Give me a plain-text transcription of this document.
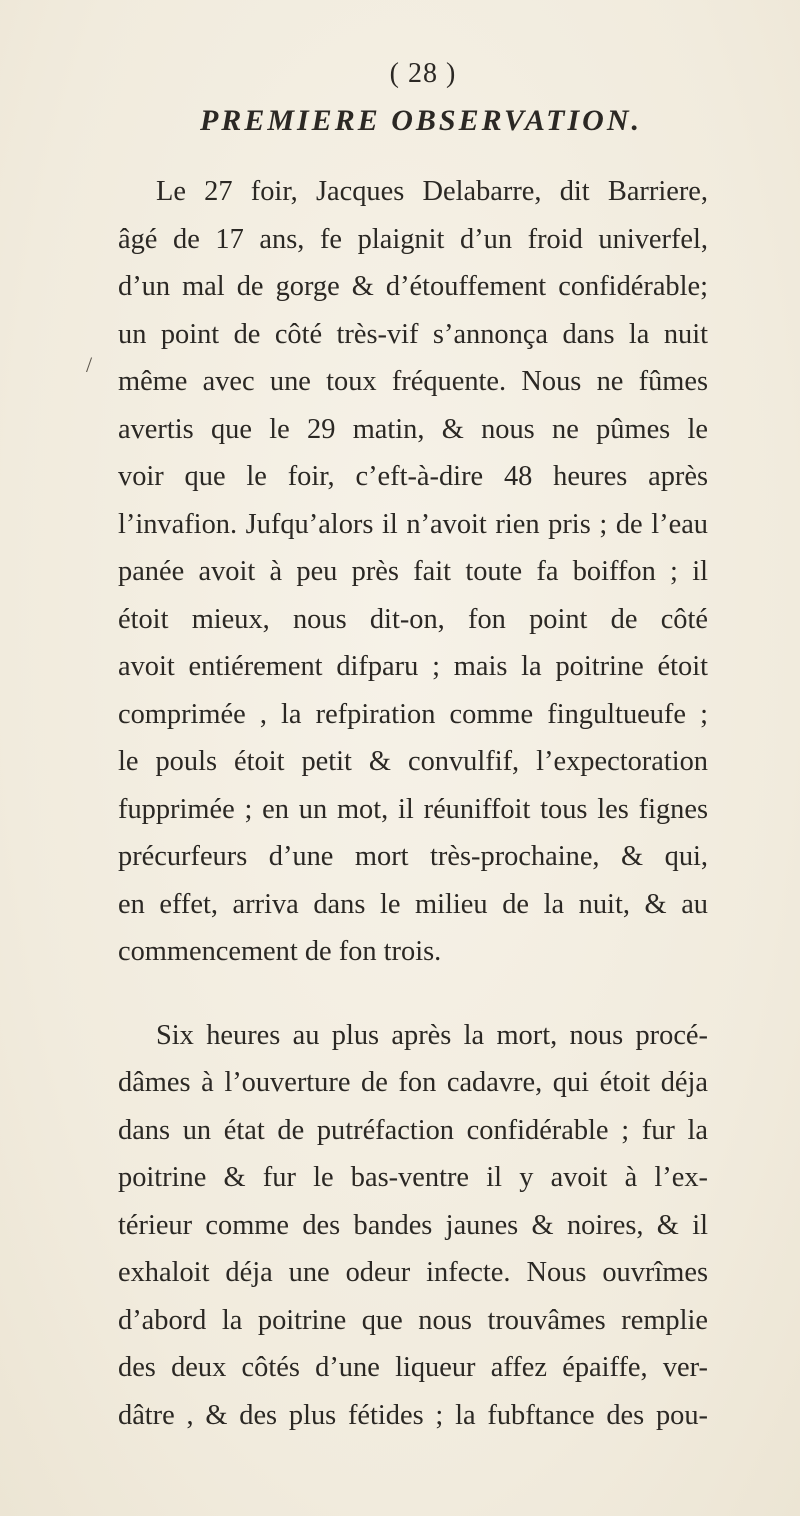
/
( 28 )
PREMIERE OBSERVATION.
Le 27 foir, Jacques Delabarre, dit Barriere,
âgé de 17 ans, fe plaignit d’un froid univerfel,
d’un mal de gorge & d’étouffement confidérable;
un point de côté très-vif s’annonça dans la nuit
même avec une toux fréquente. Nous ne fûmes
avertis que le 29 matin, & nous ne pûmes le
voir que le foir, c’eft-à-dire 48 heures après
l’invafion. Jufqu’alors il n’avoit rien pris ; de l’eau
panée avoit à peu près fait toute fa boiffon ; il
étoit mieux, nous dit-on, fon point de côté
avoit entiérement difparu ; mais la poitrine étoit
comprimée , la refpiration comme fingultueufe ;
le pouls étoit petit & convulfif, l’expectoration
fupprimée ; en un mot, il réuniffoit tous les fignes
précurfeurs d’une mort très-prochaine, & qui,
en effet, arriva dans le milieu de la nuit, & au
commencement de fon trois.
Six heures au plus après la mort, nous procé-
dâmes à l’ouverture de fon cadavre, qui étoit déja
dans un état de putréfaction confidérable ; fur la
poitrine & fur le bas-ventre il y avoit à l’ex-
térieur comme des bandes jaunes & noires, & il
exhaloit déja une odeur infecte. Nous ouvrîmes
d’abord la poitrine que nous trouvâmes remplie
des deux côtés d’une liqueur affez épaiffe, ver-
dâtre , & des plus fétides ; la fubftance des pou-
